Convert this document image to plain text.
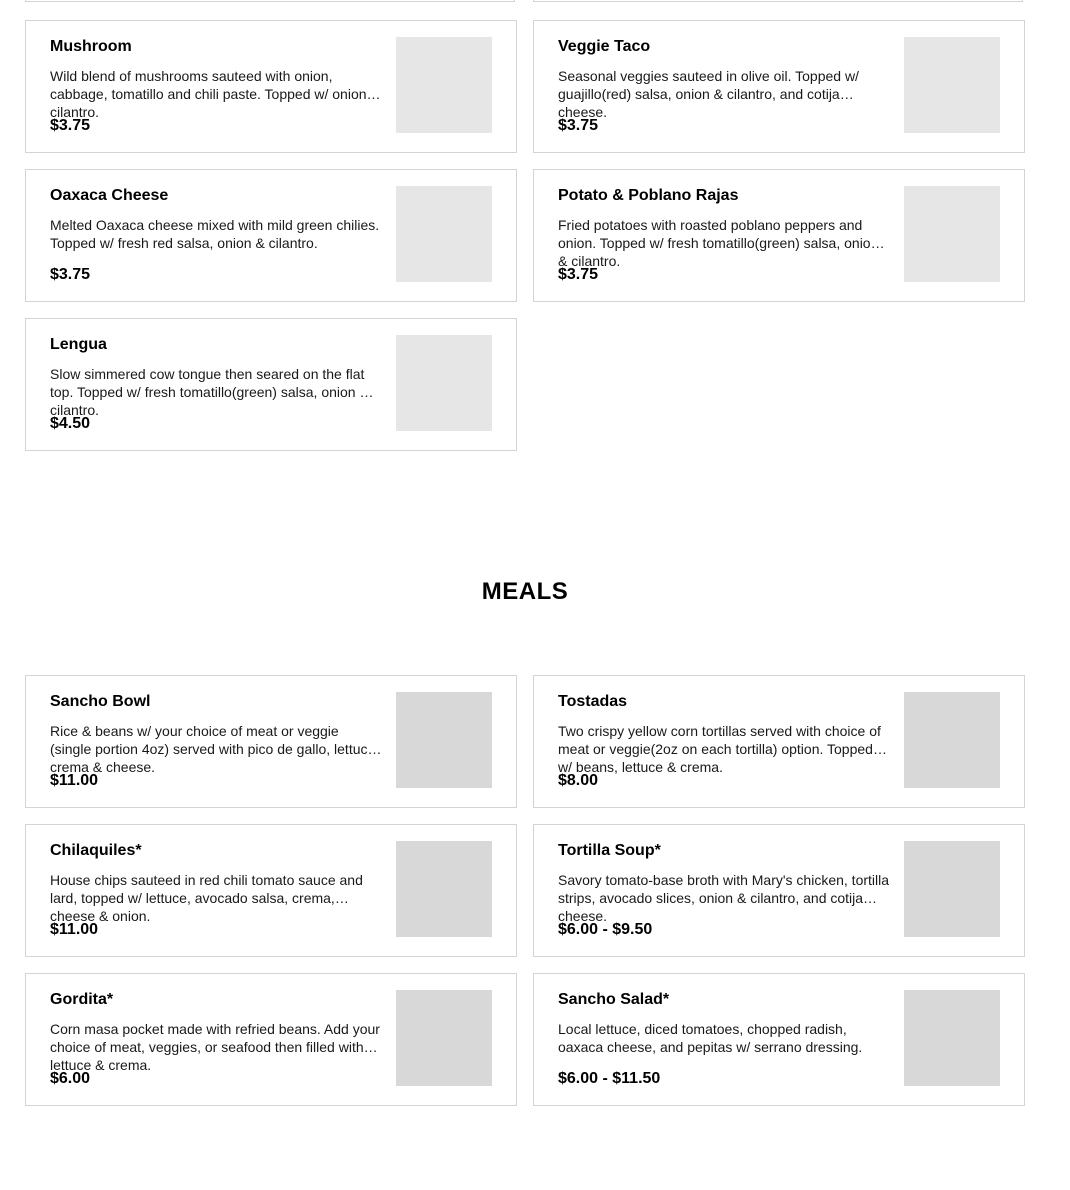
Mushroom
Wild blend of mushrooms sauteed with onion, cabbage, tomatillo and chili paste. Topped w/ onion & cilantro.
$3.75
Veggie Taco
Seasonal veggies sauteed in olive oil. Topped w/ guajillo(red) salsa, onion & cilantro, and cotija cheese.
$3.75
Oaxaca Cheese
Melted Oaxaca cheese mixed with mild green chilies. Topped w/ fresh red salsa, onion & cilantro.
$3.75
Potato & Poblano Rajas
Fried potatoes with roasted poblano peppers and onion. Topped w/ fresh tomatillo(green) salsa, onion & cilantro.
$3.75
Lengua
Slow simmered cow tongue then seared on the flat top. Topped w/ fresh tomatillo(green) salsa, onion & cilantro.
$4.50
MEALS
Sancho Bowl
Rice & beans w/ your choice of meat or veggie (single portion 4oz) served with pico de gallo, lettuce, crema & cheese.
$11.00
Tostadas
Two crispy yellow corn tortillas served with choice of meat or veggie(2oz on each tortilla) option. Topped w/ beans, lettuce & crema.
$8.00
Chilaquiles*
House chips sauteed in red chili tomato sauce and lard, topped w/ lettuce, avocado salsa, crema, cheese & onion.
$11.00
Tortilla Soup*
Savory tomato-base broth with Mary's chicken, tortilla strips, avocado slices, onion & cilantro, and cotija cheese.
$6.00 - $9.50
Gordita*
Corn masa pocket made with refried beans. Add your choice of meat, veggies, or seafood then filled with lettuce & crema.
$6.00
Sancho Salad*
Local lettuce, diced tomatoes, chopped radish, oaxaca cheese, and pepitas w/ serrano dressing.
$6.00 - $11.50
